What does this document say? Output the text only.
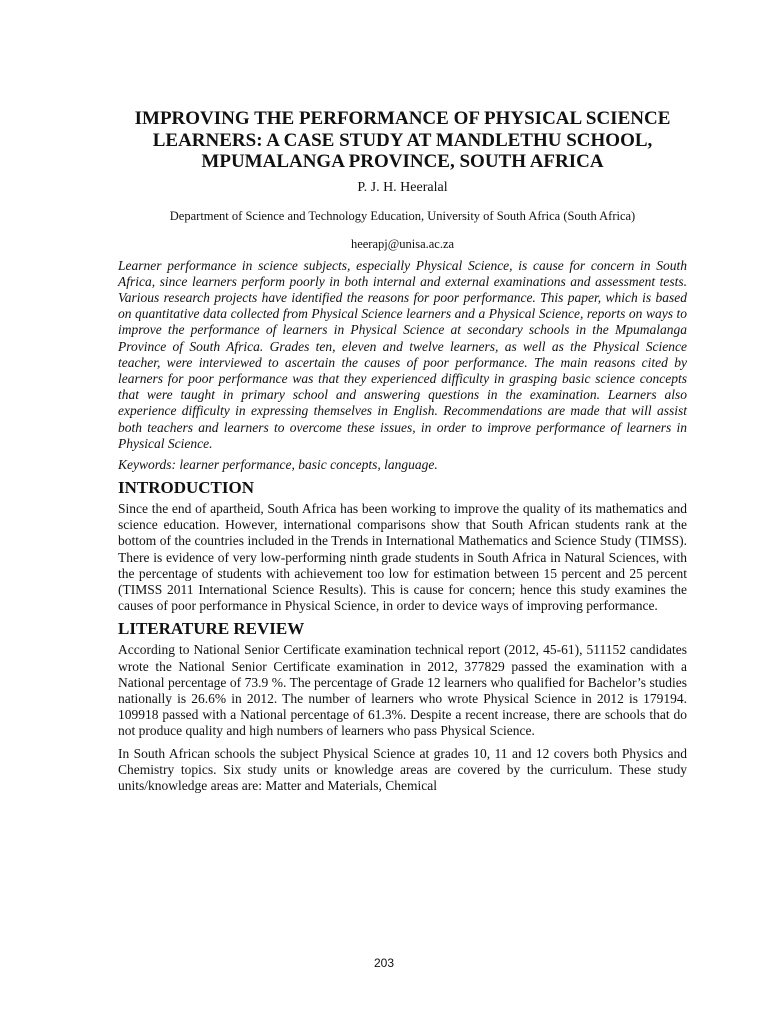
IMPROVING THE PERFORMANCE OF PHYSICAL SCIENCE LEARNERS: A CASE STUDY AT MANDLETHU SCHOOL, MPUMALANGA PROVINCE, SOUTH AFRICA
P. J. H. Heeralal
Department of Science and Technology Education, University of South Africa (South Africa)
heerapj@unisa.ac.za
Learner performance in science subjects, especially Physical Science, is cause for concern in South Africa, since learners perform poorly in both internal and external examinations and assessment tests. Various research projects have identified the reasons for poor performance. This paper, which is based on quantitative data collected from Physical Science learners and a Physical Science, reports on ways to improve the performance of learners in Physical Science at secondary schools in the Mpumalanga Province of South Africa. Grades ten, eleven and twelve learners, as well as the Physical Science teacher, were interviewed to ascertain the causes of poor performance. The main reasons cited by learners for poor performance was that they experienced difficulty in grasping basic science concepts that were taught in primary school and answering questions in the examination. Learners also experience difficulty in expressing themselves in English. Recommendations are made that will assist both teachers and learners to overcome these issues, in order to improve performance of learners in Physical Science.
Keywords: learner performance, basic concepts, language.
INTRODUCTION

Since the end of apartheid, South Africa has been working to improve the quality of its mathematics and science education. However, international comparisons show that South African students rank at the bottom of the countries included in the Trends in International Mathematics and Science Study (TIMSS). There is evidence of very low-performing ninth grade students in South Africa in Natural Sciences, with the percentage of students with achievement too low for estimation between 15 percent and 25 percent (TIMSS 2011 International Science Results). This is cause for concern; hence this study examines the causes of poor performance in Physical Science, in order to device ways of improving performance.

LITERATURE REVIEW

According to National Senior Certificate examination technical report (2012, 45-61), 511152 candidates wrote the National Senior Certificate examination in 2012, 377829 passed the examination with a National percentage of 73.9 %. The percentage of Grade 12 learners who qualified for Bachelor’s studies nationally is 26.6% in 2012. The number of learners who wrote Physical Science in 2012 is 179194. 109918 passed with a National percentage of 61.3%. Despite a recent increase, there are schools that do not produce quality and high numbers of learners who pass Physical Science.

In South African schools the subject Physical Science at grades 10, 11 and 12 covers both Physics and Chemistry topics. Six study units or knowledge areas are covered by the curriculum. These study units/knowledge areas are: Matter and Materials, Chemical

203
